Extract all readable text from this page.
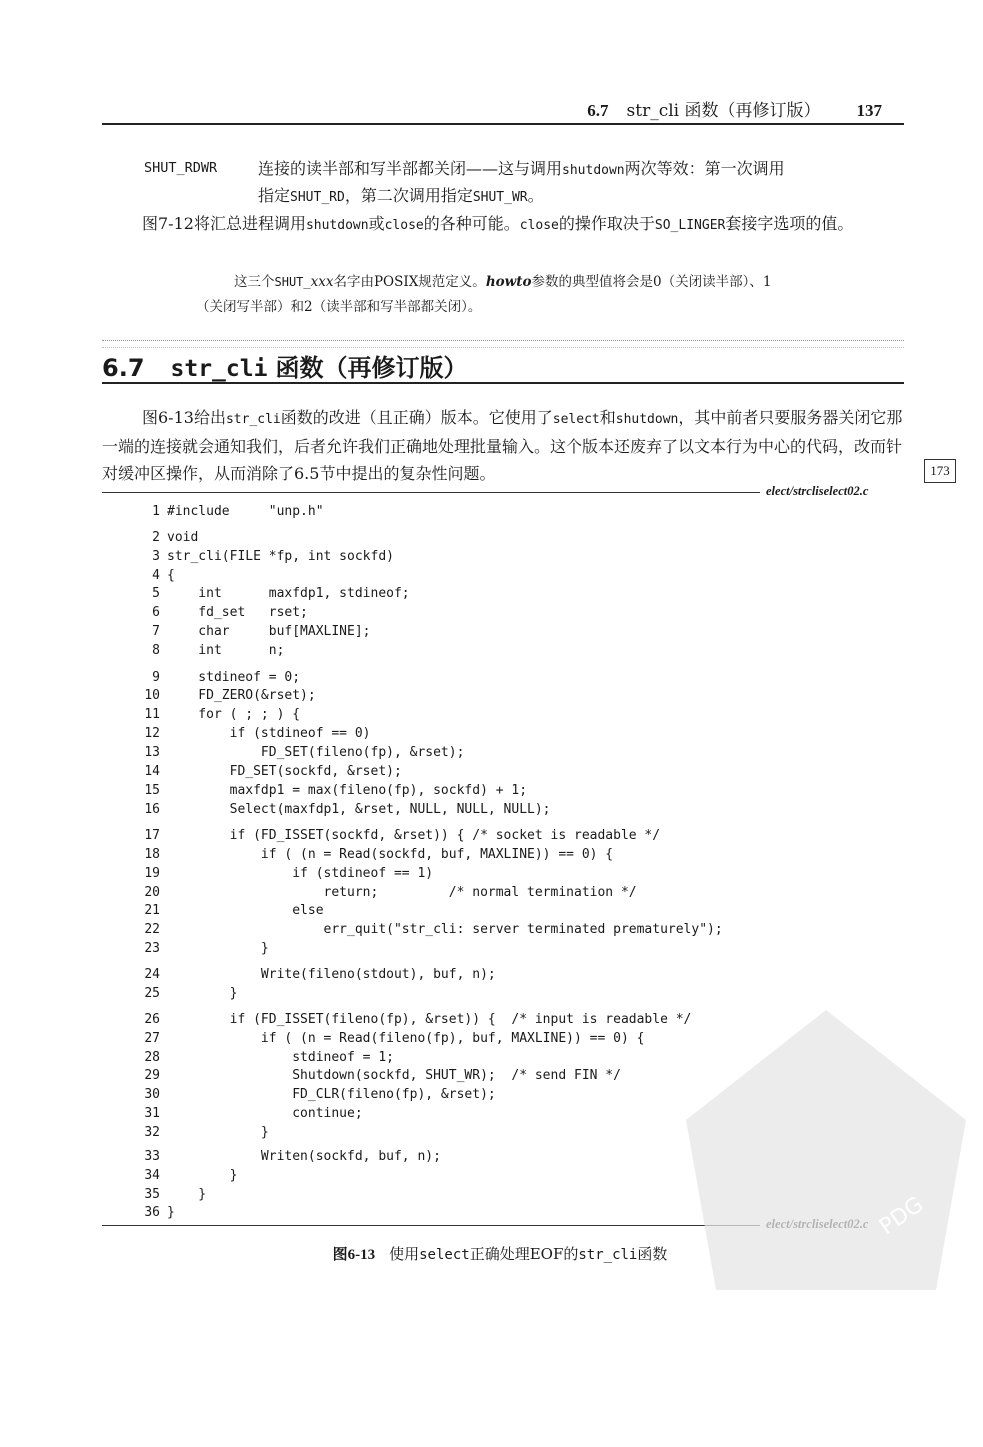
6.7 str_cli 函数（再修订版） 137
SHUT_RDWR	连接的读半部和写半部都关闭——这与调用shutdown两次等效：第一次调用
指定SHUT_RD，第二次调用指定SHUT_WR。
图7-12将汇总进程调用shutdown或close的各种可能。close的操作取决于SO_LINGER套接字选项的值。
这三个SHUT_xxx名字由POSIX规范定义。howto参数的典型值将会是0（关闭读半部）、1
（关闭写半部）和2（读半部和写半部都关闭）。
6.7 str_cli 函数（再修订版）
图6-13给出str_cli函数的改进（且正确）版本。它使用了select和shutdown，其中前者只要服务器关闭它那一端的连接就会通知我们，后者允许我们正确地处理批量输入。这个版本还废弃了以文本行为中心的代码，改而针对缓冲区操作，从而消除了6.5节中提出的复杂性问题。	173
elect/strcliselect02.c
1 #include     "unp.h"
2 void
3 str_cli(FILE *fp, int sockfd)
4 {
5    int      maxfdp1, stdineof;
6    fd_set   rset;
7    char     buf[MAXLINE];
8    int      n;
9    stdineof = 0;
10    FD_ZERO(&rset);
11    for ( ; ; ) {
12        if (stdineof == 0)
13            FD_SET(fileno(fp), &rset);
14        FD_SET(sockfd, &rset);
15        maxfdp1 = max(fileno(fp), sockfd) + 1;
16        Select(maxfdp1, &rset, NULL, NULL, NULL);
17        if (FD_ISSET(sockfd, &rset)) { /* socket is readable */
18            if ( (n = Read(sockfd, buf, MAXLINE)) == 0) {
19                if (stdineof == 1)
20                    return;         /* normal termination */
21                else
22                    err_quit("str_cli: server terminated prematurely");
23            }
24            Write(fileno(stdout), buf, n);
25        }
26        if (FD_ISSET(fileno(fp), &rset)) {  /* input is readable */
27            if ( (n = Read(fileno(fp), buf, MAXLINE)) == 0) {
28                stdineof = 1;
29                Shutdown(sockfd, SHUT_WR);  /* send FIN */
30                FD_CLR(fileno(fp), &rset);
31                continue;
32            }
33            Writen(sockfd, buf, n);
34        }
35    }
36 }
图6-13 使用select正确处理EOF的str_cli函数
PDG
